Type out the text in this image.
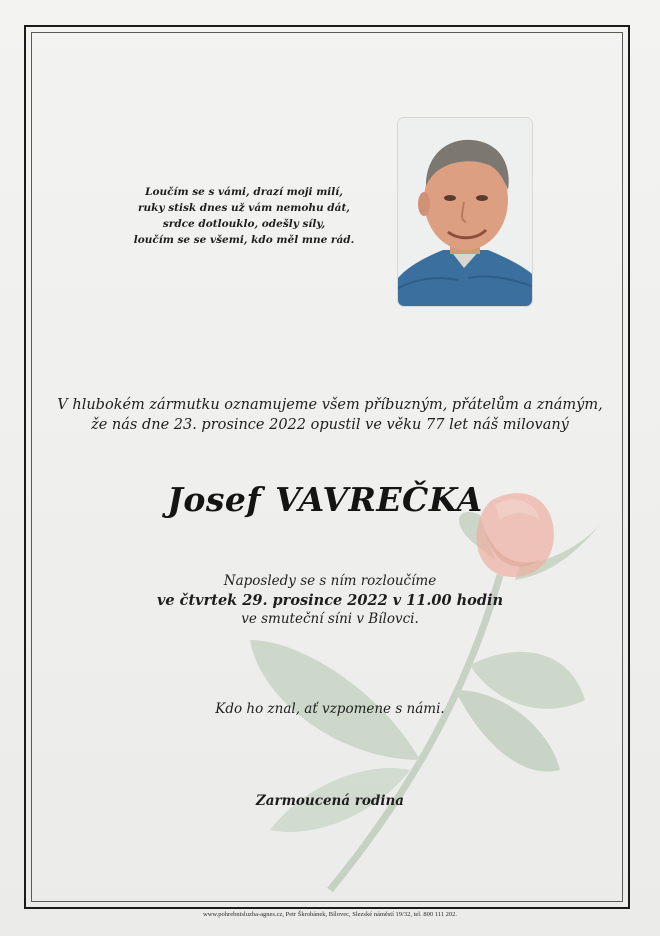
Loučím se s vámi, drazí moji milí,
ruky stisk dnes už vám nemohu dát,
srdce dotlouklo, odešly síly,
loučím se se všemi, kdo měl mne rád.
V hlubokém zármutku oznamujeme všem příbuzným, přátelům a známým,
že nás dne 23. prosince 2022 opustil ve věku 77 let náš milovaný
Josef VAVREČKA
Naposledy se s ním rozloučíme
ve čtvrtek 29. prosince 2022 v 11.00 hodin
ve smuteční síni v Bílovci.
Kdo ho znal, ať vzpomene s námi.
Zarmoucená rodina
www.pohrebnisluzba-agnes.cz, Petr Škrobánek, Bílovec, Slezské náměstí 19/32, tel. 800 111 202.
